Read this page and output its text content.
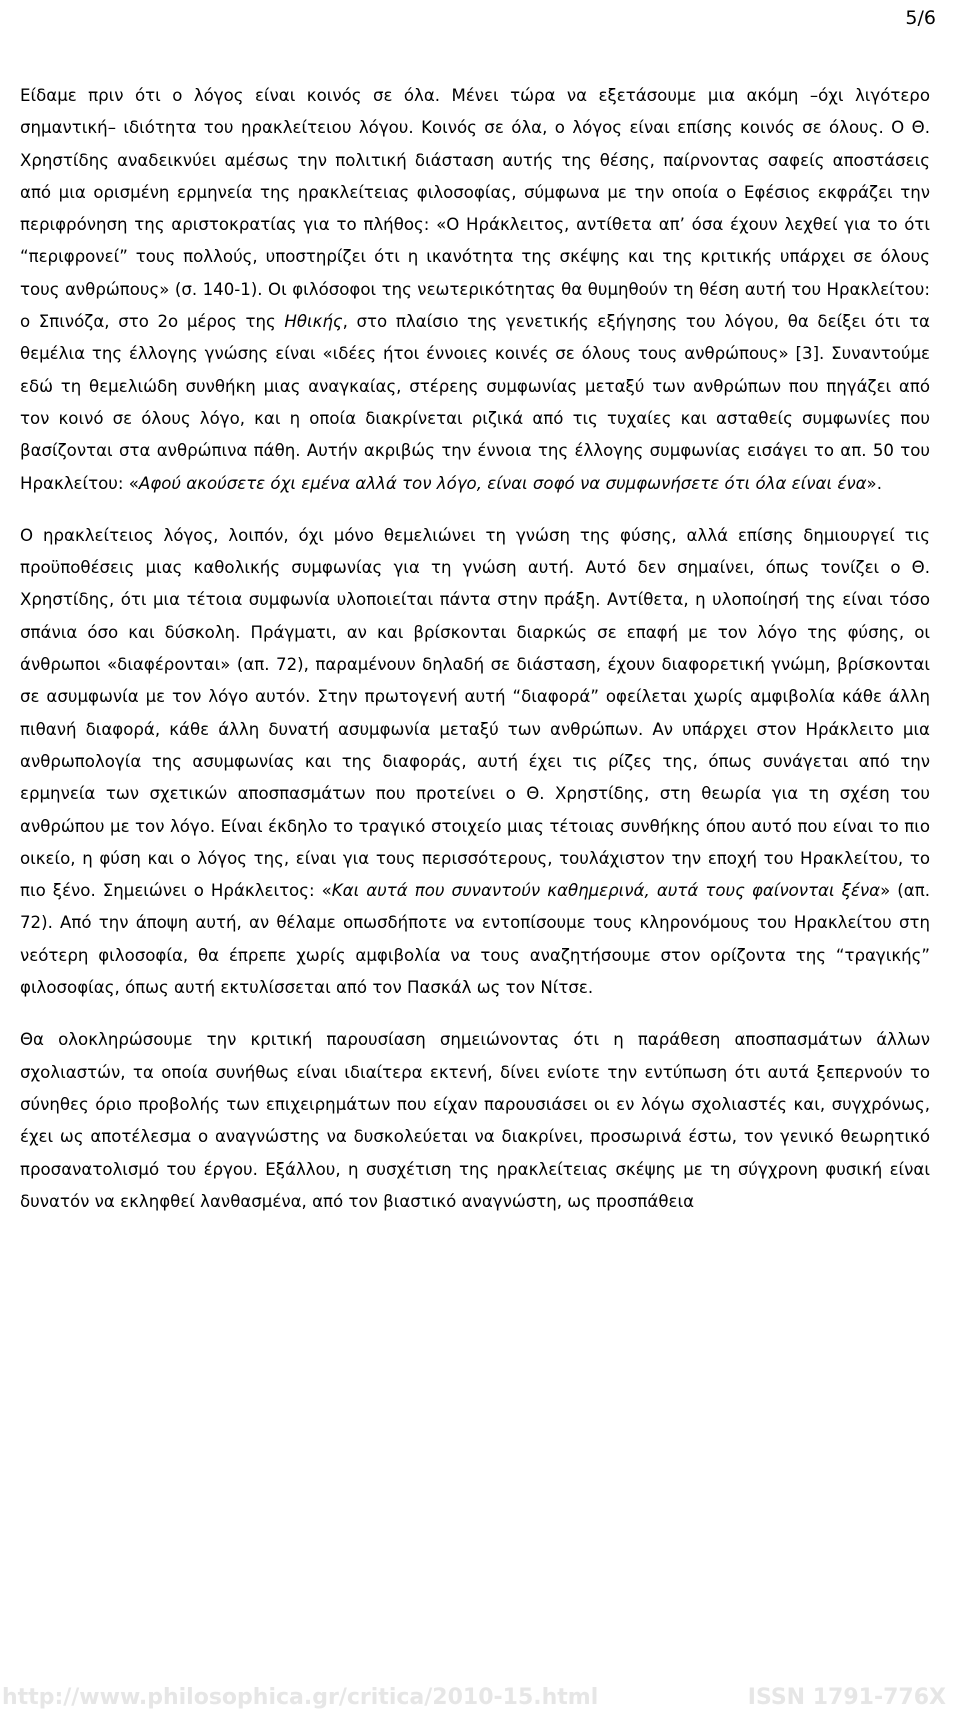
5/6

Είδαμε πριν ότι ο λόγος είναι κοινός σε όλα. Μένει τώρα να εξετάσουμε μια ακόμη –όχι λιγότερο σημαντική– ιδιότητα του ηρακλείτειου λόγου. Κοινός σε όλα, ο λόγος είναι επίσης κοινός σε όλους. Ο Θ. Χρηστίδης αναδεικνύει αμέσως την πολιτική διάσταση αυτής της θέσης, παίρνοντας σαφείς αποστάσεις από μια ορισμένη ερμηνεία της ηρακλείτειας φιλοσοφίας, σύμφωνα με την οποία ο Εφέσιος εκφράζει την περιφρόνηση της αριστοκρατίας για το πλήθος: «Ο Ηράκλειτος, αντίθετα απ’ όσα έχουν λεχθεί για το ότι “περιφρονεί” τους πολλούς, υποστηρίζει ότι η ικανότητα της σκέψης και της κριτικής υπάρχει σε όλους τους ανθρώπους» (σ. 140-1). Οι φιλόσοφοι της νεωτερικότητας θα θυμηθούν τη θέση αυτή του Ηρακλείτου: ο Σπινόζα, στο 2ο μέρος της Ηθικής, στο πλαίσιο της γενετικής εξήγησης του λόγου, θα δείξει ότι τα θεμέλια της έλλογης γνώσης είναι «ιδέες ήτοι έννοιες κοινές σε όλους τους ανθρώπους» [3]. Συναντούμε εδώ τη θεμελιώδη συνθήκη μιας αναγκαίας, στέρεης συμφωνίας μεταξύ των ανθρώπων που πηγάζει από τον κοινό σε όλους λόγο, και η οποία διακρίνεται ριζικά από τις τυχαίες και ασταθείς συμφωνίες που βασίζονται στα ανθρώπινα πάθη. Αυτήν ακριβώς την έννοια της έλλογης συμφωνίας εισάγει το απ. 50 του Ηρακλείτου: «Αφού ακούσετε όχι εμένα αλλά τον λόγο, είναι σοφό να συμφωνήσετε ότι όλα είναι ένα».

Ο ηρακλείτειος λόγος, λοιπόν, όχι μόνο θεμελιώνει τη γνώση της φύσης, αλλά επίσης δημιουργεί τις προϋποθέσεις μιας καθολικής συμφωνίας για τη γνώση αυτή. Αυτό δεν σημαίνει, όπως τονίζει ο Θ. Χρηστίδης, ότι μια τέτοια συμφωνία υλοποιείται πάντα στην πράξη. Αντίθετα, η υλοποίησή της είναι τόσο σπάνια όσο και δύσκολη. Πράγματι, αν και βρίσκονται διαρκώς σε επαφή με τον λόγο της φύσης, οι άνθρωποι «διαφέρονται» (απ. 72), παραμένουν δηλαδή σε διάσταση, έχουν διαφορετική γνώμη, βρίσκονται σε ασυμφωνία με τον λόγο αυτόν. Στην πρωτογενή αυτή “διαφορά” οφείλεται χωρίς αμφιβολία κάθε άλλη πιθανή διαφορά, κάθε άλλη δυνατή ασυμφωνία μεταξύ των ανθρώπων. Αν υπάρχει στον Ηράκλειτο μια ανθρωπολογία της ασυμφωνίας και της διαφοράς, αυτή έχει τις ρίζες της, όπως συνάγεται από την ερμηνεία των σχετικών αποσπασμάτων που προτείνει ο Θ. Χρηστίδης, στη θεωρία για τη σχέση του ανθρώπου με τον λόγο. Είναι έκδηλο το τραγικό στοιχείο μιας τέτοιας συνθήκης όπου αυτό που είναι το πιο οικείο, η φύση και ο λόγος της, είναι για τους περισσότερους, τουλάχιστον την εποχή του Ηρακλείτου, το πιο ξένο. Σημειώνει ο Ηράκλειτος: «Και αυτά που συναντούν καθημερινά, αυτά τους φαίνονται ξένα» (απ. 72). Από την άποψη αυτή, αν θέλαμε οπωσδήποτε να εντοπίσουμε τους κληρονόμους του Ηρακλείτου στη νεότερη φιλοσοφία, θα έπρεπε χωρίς αμφιβολία να τους αναζητήσουμε στον ορίζοντα της “τραγικής” φιλοσοφίας, όπως αυτή εκτυλίσσεται από τον Πασκάλ ως τον Νίτσε.

Θα ολοκληρώσουμε την κριτική παρουσίαση σημειώνοντας ότι η παράθεση αποσπασμάτων άλλων σχολιαστών, τα οποία συνήθως είναι ιδιαίτερα εκτενή, δίνει ενίοτε την εντύπωση ότι αυτά ξεπερνούν το σύνηθες όριο προβολής των επιχειρημάτων που είχαν παρουσιάσει οι εν λόγω σχολιαστές και, συγχρόνως, έχει ως αποτέλεσμα ο αναγνώστης να δυσκολεύεται να διακρίνει, προσωρινά έστω, τον γενικό θεωρητικό προσανατολισμό του έργου. Εξάλλου, η συσχέτιση της ηρακλείτειας σκέψης με τη σύγχρονη φυσική είναι δυνατόν να εκληφθεί λανθασμένα, από τον βιαστικό αναγνώστη, ως προσπάθεια

http://www.philosophica.gr/critica/2010-15.html	ISSN 1791-776X
